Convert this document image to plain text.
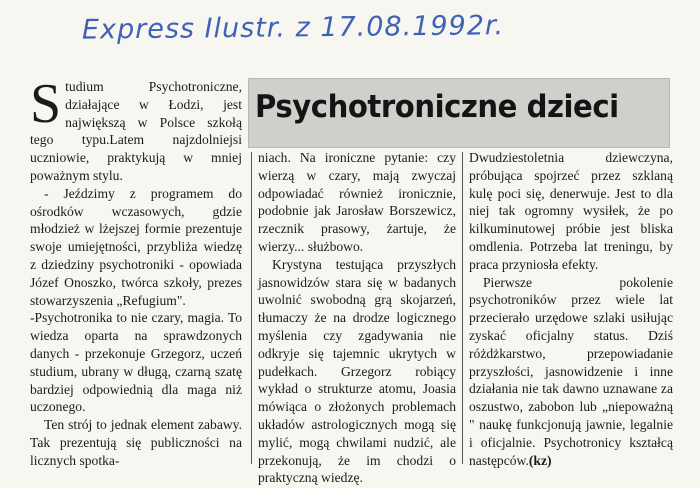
Express Ilustr. z 17.08.1992r.
Psychotroniczne dzieci
S tudium Psychotroniczne, działające w Łodzi, jest największą w Polsce szkołą tego typu.Latem najzdolniejsi uczniowie, praktykują w mniej poważnym stylu.

- Jeździmy z programem do ośrodków wczasowych, gdzie młodzież w lżejszej formie prezentuje swoje umiejętności, przybliża wiedzę z dziedziny psychotroniki - opowiada Józef Onoszko, twórca szkoły, prezes stowarzyszenia „Refugium".

-Psychotronika to nie czary, magia. To wiedza oparta na sprawdzonych danych - przekonuje Grzegorz, uczeń studium, ubrany w długą, czarną szatę bardziej odpowiednią dla maga niż uczonego.

Ten strój to jednak element zabawy. Tak prezentują się publiczności na licznych spotka-

niach. Na ironiczne pytanie: czy wierzą w czary, mają zwyczaj odpowiadać również ironicznie, podobnie jak Jarosław Borszewicz, rzecznik prasowy, żartuje, że wierzy... służbowo.

Krystyna testująca przyszłych jasnowidzów stara się w badanych uwolnić swobodną grą skojarzeń, tłumaczy że na drodze logicznego myślenia czy zgadywania nie odkryje się tajemnic ukrytych w pudełkach. Grzegorz robiący wykład o strukturze atomu, Joasia mówiąca o złożonych problemach układów astrologicznych mogą się mylić, mogą chwilami nudzić, ale przekonują, że im chodzi o praktyczną wiedzę.

Dwudziestoletnia dziewczyna, próbująca spojrzeć przez szklaną kulę poci się, denerwuje. Jest to dla niej tak ogromny wysiłek, że po kilkuminutowej próbie jest bliska omdlenia. Potrzeba lat treningu, by praca przyniosła efekty.

Pierwsze pokolenie psychotroników przez wiele lat przecierało urzędowe szlaki usiłując zyskać oficjalny status. Dziś różdżkarstwo, przepowiadanie przyszłości, jasnowidzenie i inne działania nie tak dawno uznawane za oszustwo, zabobon lub „niepoważną " naukę funkcjonują jawnie, legalnie i oficjalnie. Psychotronicy kształcą następców.(kz)
